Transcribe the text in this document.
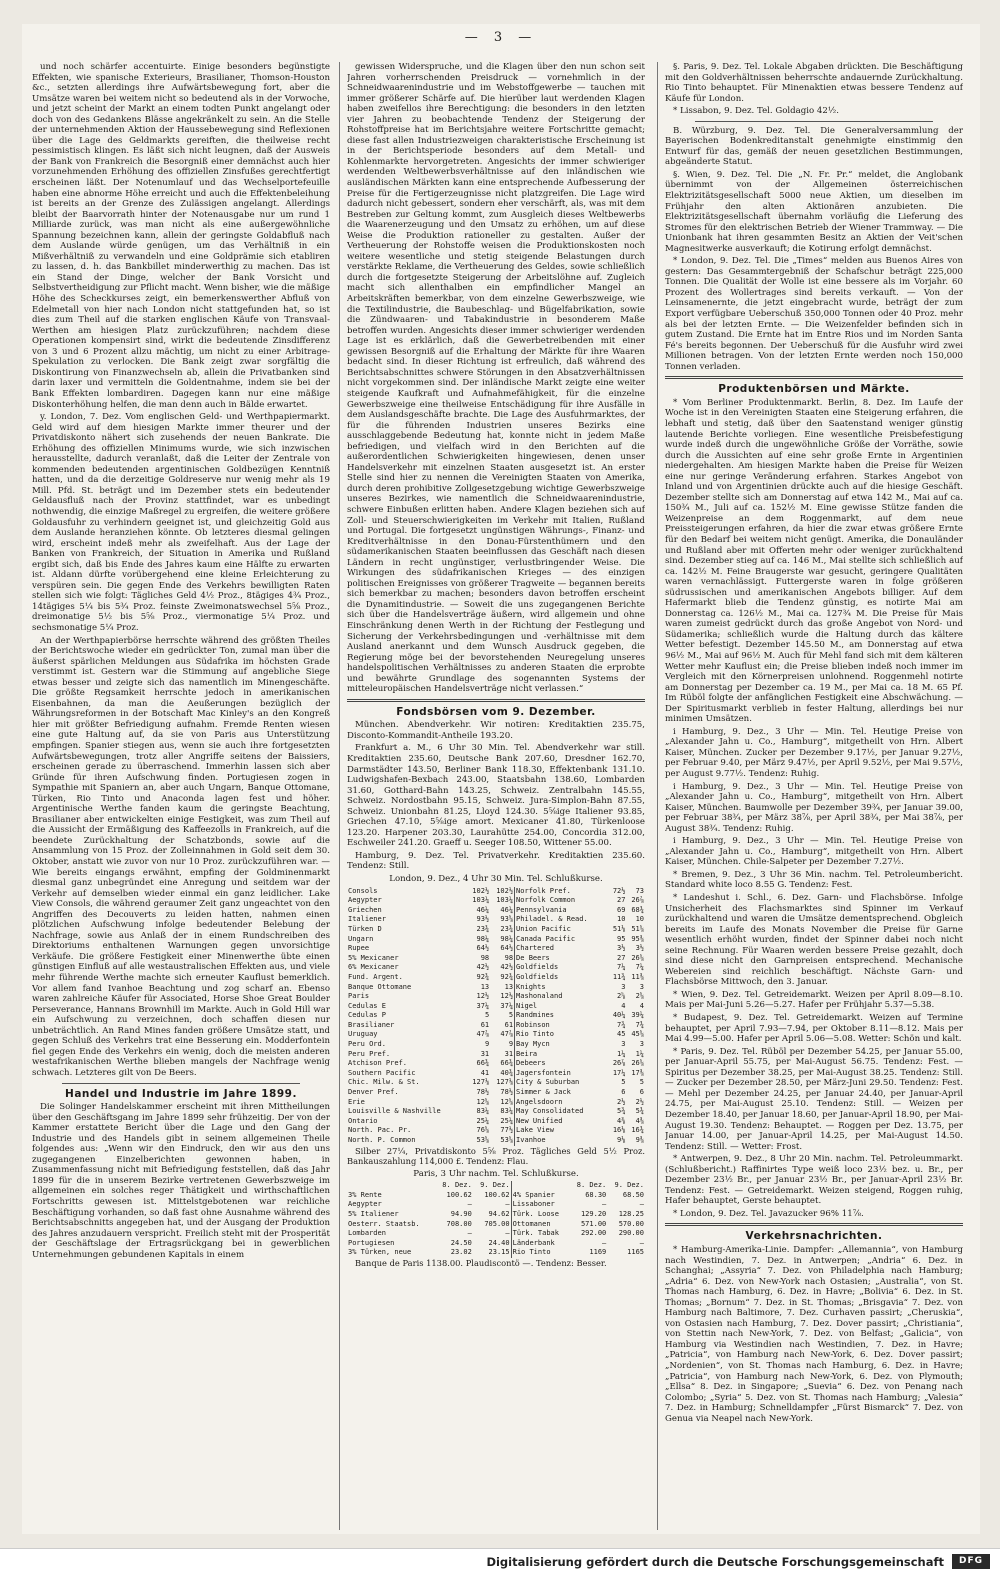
— 3 —

und noch schärfer accentuirte. Einige besonders begünstigte Effekten, wie spanische Exterieurs, Brasilianer, Thomson-Houston &c., setzten allerdings ihre Aufwärtsbewegung fort, aber die Umsätze waren bei weitem nicht so bedeutend als in der Vorwoche, und jetzt scheint der Markt an einem todten Punkt angelangt oder doch von des Gedankens Blässe angekränkelt zu sein. An die Stelle der unternehmenden Aktion der Haussebewegung sind Reflexionen über die Lage des Geldmarkts gereiften, die theilweise recht pessimistisch klingen. Es läßt sich nicht leugnen, daß der Ausweis der Bank von Frankreich die Besorgniß einer demnächst auch hier vorzunehmenden Erhöhung des offiziellen Zinsfußes gerechtfertigt erscheinen läßt. Der Notenumlauf und das Wechselportefeuille haben eine abnorme Höhe erreicht und auch die Effektenbeleihung ist bereits an der Grenze des Zulässigen angelangt. Allerdings bleibt der Baarvorrath hinter der Notenausgabe nur um rund 1 Milliarde zurück, was man nicht als eine außergewöhnliche Spannung bezeichnen kann, allein der geringste Goldabfluß nach dem Auslande würde genügen, um das Verhältniß in ein Mißverhältniß zu verwandeln und eine Goldprämie sich etabliren zu lassen, d. h. das Bankbillet minderwerthig zu machen. Das ist ein Stand der Dinge, welcher der Bank Vorsicht und Selbstvertheidigung zur Pflicht macht. Wenn bisher, wie die mäßige Höhe des Scheckkurses zeigt, ein bemerkenswerther Abfluß von Edelmetall von hier nach London nicht stattgefunden hat, so ist dies zum Theil auf die starken englischen Käufe von Transvaal-Werthen am hiesigen Platz zurückzuführen; nachdem diese Operationen kompensirt sind, wirkt die bedeutende Zinsdifferenz von 3 und 6 Prozent allzu mächtig, um nicht zu einer Arbitrage-Spekulation zu verlocken. Die Bank zeigt zwar sorgfältig die Diskontirung von Finanzwechseln ab, allein die Privatbanken sind darin laxer und vermitteln die Goldentnahme, indem sie bei der Bank Effekten lombardiren. Dagegen kann nur eine mäßige Diskonterhöhung helfen, die man denn auch in Bälde erwartet.

y. London, 7. Dez. Vom englischen Geld- und Werthpapiermarkt. Geld wird auf dem hiesigen Markte immer theurer und der Privatdiskonto nähert sich zusehends der neuen Bankrate. Die Erhöhung des offiziellen Minimums wurde, wie sich inzwischen herausstellte, dadurch veranlaßt, daß die Leiter der Zentrale von kommenden bedeutenden argentinischen Goldbezügen Kenntniß hatten, und da die derzeitige Goldreserve nur wenig mehr als 19 Mill. Pfd. St. beträgt und im Dezember stets ein bedeutender Geldausfluß nach der Provinz stattfindet, war es unbedingt nothwendig, die einzige Maßregel zu ergreifen, die weitere größere Goldausfuhr zu verhindern geeignet ist, und gleichzeitig Gold aus dem Auslande heranziehen könnte. Ob letzteres diesmal gelingen wird, erscheint indeß mehr als zweifelhaft. Aus der Lage der Banken von Frankreich, der Situation in Amerika und Rußland ergibt sich, daß bis Ende des Jahres kaum eine Hälfte zu erwarten ist. Aldann dürfte vorübergehend eine kleine Erleichterung zu verspüren sein. Die gegen Ende des Verkehrs bewilligten Raten stellen sich wie folgt: Tägliches Geld 4½ Proz., 8tägiges 4¾ Proz., 14tägiges 5¼ bis 5¾ Proz. feinste Zweimonatswechsel 5⅝ Proz., dreimonatige 5½ bis 5⅝ Proz., viermonatige 5¼ Proz. und sechsmonatige 5¼ Proz.

An der Werthpapierbörse herrschte während des größten Theiles der Berichtswoche wieder ein gedrückter Ton, zumal man über die äußerst spärlichen Meldungen aus Südafrika im höchsten Grade verstimmt ist. Gestern war die Stimmung auf angebliche Siege etwas besser und zeigte sich das namentlich im Minengeschäfte. Die größte Regsamkeit herrschte jedoch in amerikanischen Eisenbahnen, da man die Aeußerungen bezüglich der Währungsreformen in der Botschaft Mac Kinley's an den Kongreß hier mit größter Befriedigung aufnahm. Fremde Renten wiesen eine gute Haltung auf, da sie von Paris aus Unterstützung empfingen. Spanier stiegen aus, wenn sie auch ihre fortgesetzten Aufwärtsbewegungen, trotz aller Angriffe seitens der Baissiers, erscheinen gerade zu überraschend. Immerhin lassen sich aber Gründe für ihren Aufschwung finden. Portugiesen zogen in Sympathie mit Spaniern an, aber auch Ungarn, Banque Ottomane, Türken, Rio Tinto und Anaconda lagen fest und höher. Argentinische Werthe fanden kaum die geringste Beachtung, Brasilianer aber entwickelten einige Festigkeit, was zum Theil auf die Aussicht der Ermäßigung des Kaffeezolls in Frankreich, auf die beendete Zurückhaltung der Schatzbonds, sowie auf die Ansammlung von 15 Proz. der Zolleinnahmen in Gold seit dem 30. Oktober, anstatt wie zuvor von nur 10 Proz. zurückzuführen war. — Wie bereits eingangs erwähnt, empfing der Goldminenmarkt diesmal ganz unbegründet eine Anregung und seitdem war der Verkehr auf demselben wieder einmal ein ganz leidlicher. Lake View Consols, die während geraumer Zeit ganz ungeachtet von den Angriffen des Decouverts zu leiden hatten, nahmen einen plötzlichen Aufschwung infolge bedeutender Belebung der Nachfrage, sowie aus Anlaß der in einem Rundschreiben des Direktoriums enthaltenen Warnungen gegen unvorsichtige Verkäufe. Die größere Festigkeit einer Minenwerthe übte einen günstigen Einfluß auf alle westaustralischen Effekten aus, und viele mehr führende Werthe machte sich erneuter Kauflust bemerklich. Vor allem fand Ivanhoe Beachtung und zog scharf an. Ebenso waren zahlreiche Käufer für Associated, Horse Shoe Great Boulder Perseverance, Hannans Brownhill im Markte. Auch in Gold Hill war ein Aufschwung zu verzeichnen, doch schaffen diesen nur unbeträchtlich. An Rand Mines fanden größere Umsätze statt, und gegen Schluß des Verkehrs trat eine Besserung ein. Modderfontein fiel gegen Ende des Verkehrs ein wenig, doch die meisten anderen westafrikanischen Werthe blieben mangels der Nachfrage wenig schwach. Letzteres gilt von De Beers.

Handel und Industrie im Jahre 1899.

Die Solinger Handelskammer erscheint mit ihren Mittheilungen über den Geschäftsgang im Jahre 1899 sehr frühzeitig. Der von der Kammer erstattete Bericht über die Lage und den Gang der Industrie und des Handels gibt in seinem allgemeinen Theile folgendes aus: „Wenn wir den Eindruck, den wir aus den uns zugegangenen Einzelberichten gewonnen haben, in Zusammenfassung nicht mit Befriedigung feststellen, daß das Jahr 1899 für die in unserem Bezirke vertretenen Gewerbszweige im allgemeinen ein solches reger Thätigkeit und wirthschaftlichen Fortschritts gewesen ist. Mittelstgebotenen war reichliche Beschäftigung vorhanden, so daß fast ohne Ausnahme während des Berichtsabschnitts angegeben hat, und der Ausgang der Produktion des Jahres anzudauern verspricht. Freilich steht mit der Prosperität der Geschäftslage der Ertragsrückgang bei in gewerblichen Unternehmungen gebundenen Kapitals in einem

gewissen Widerspruche, und die Klagen über den nun schon seit Jahren vorherrschenden Preisdruck — vornehmlich in der Schneidwaarenindustrie und im Webstoffgewerbe — tauchen mit immer größerer Schärfe auf. Die hierüber laut werdenden Klagen haben zweifellos ihre Berechtigung: die besonders in den letzten vier Jahren zu beobachtende Tendenz der Steigerung der Rohstoffpreise hat im Berichtsjahre weitere Fortschritte gemacht; diese fast allen Industriezweigen charakteristische Erscheinung ist in der Berichtsperiode besonders auf dem Metall- und Kohlenmarkte hervorgetreten. Angesichts der immer schwieriger werdenden Weltbewerbsverhältnisse auf den inländischen wie ausländischen Märkten kann eine entsprechende Aufbesserung der Preise für die Fertigerzeugnisse nicht platzgreifen. Die Lage wird dadurch nicht gebessert, sondern eher verschärft, als, was mit dem Bestreben zur Geltung kommt, zum Ausgleich dieses Weltbewerbs die Waarenerzeugung und den Umsatz zu erhöhen, um auf diese Weise die Produktion rationeller zu gestalten. Außer der Vertheuerung der Rohstoffe weisen die Produktionskosten noch weitere wesentliche und stetig steigende Belastungen durch verstärkte Reklame, die Vertheuerung des Geldes, sowie schließlich durch die fortgesetzte Steigerung der Arbeitslöhne auf. Zugleich macht sich allenthalben ein empfindlicher Mangel an Arbeitskräften bemerkbar, von dem einzelne Gewerbszweige, wie die Textilindustrie, die Baubeschlag- und Bügelfabrikation, sowie die Zündwaaren- und Tabakindustrie in besonderem Maße betroffen wurden. Angesichts dieser immer schwieriger werdenden Lage ist es erklärlich, daß die Gewerbetreibenden mit einer gewissen Besorgniß auf die Erhaltung der Märkte für ihre Waaren bedacht sind. In dieser Richtung ist erfreulich, daß während des Berichtsabschnittes schwere Störungen in den Absatzverhältnissen nicht vorgekommen sind. Der inländische Markt zeigte eine weiter steigende Kaufkraft und Aufnahmefähigkeit, für die einzelne Gewerbszweige eine theilweise Entschädigung für ihre Ausfälle in dem Auslandsgeschäfte brachte. Die Lage des Ausfuhrmarktes, der für die führenden Industrien unseres Bezirks eine ausschlaggebende Bedeutung hat, konnte nicht in jedem Maße befriedigen, und vielfach wird in den Berichten auf die außerordentlichen Schwierigkeiten hingewiesen, denen unser Handelsverkehr mit einzelnen Staaten ausgesetzt ist. An erster Stelle sind hier zu nennen die Vereinigten Staaten von Amerika, durch deren prohibitive Zollgesetzgebung wichtige Gewerbszweige unseres Bezirkes, wie namentlich die Schneidwaarenindustrie, schwere Einbußen erlitten haben. Andere Klagen beziehen sich auf Zoll- und Steuerschwierigkeiten im Verkehr mit Italien, Rußland und Portugal. Die fortgesetzt ungünstigen Währungs-, Finanz- und Kreditverhältnisse in den Donau-Fürstenthümern und den südamerikanischen Staaten beeinflussen das Geschäft nach diesen Ländern in recht ungünstiger, verlustbringender Weise. Die Wirkungen des südafrikanischen Krieges — des einzigen politischen Ereignisses von größerer Tragweite — begannen bereits sich bemerkbar zu machen; besonders davon betroffen erscheint die Dynamitindustrie. — Soweit die uns zugegangenen Berichte sich über die Handelsverträge äußern, wird allgemein und ohne Einschränkung denen Werth in der Richtung der Festlegung und Sicherung der Verkehrsbedingungen und -verhältnisse mit dem Ausland anerkannt und dem Wunsch Ausdruck gegeben, die Regierung möge bei der bevorstehenden Neuregelung unseres handelspolitischen Verhältnisses zu anderen Staaten die erprobte und bewährte Grundlage des sogenannten Systems der mitteleuropäischen Handelsverträge nicht verlassen.“

Fondsbörsen vom 9. Dezember.

München. Abendverkehr. Wir notiren: Kreditaktien 235.75, Disconto-Kommandit-Antheile 193.20.

Frankfurt a. M., 6 Uhr 30 Min. Tel. Abendverkehr war still. Kreditaktien 235.60, Deutsche Bank 207.60, Dresdner 162.70, Darmstädter 143.50, Berliner Bank 118.30, Effektenbank 131.10. Ludwigshafen-Bexbach 243.00, Staatsbahn 138.60, Lombarden 31.60, Gotthard-Bahn 143.25, Schweiz. Zentralbahn 145.55, Schweiz. Nordostbahn 95.15, Schweiz. Jura-Simplon-Bahn 87.55, Schweiz. Unionbahn 81.25, Lloyd 124.30. 5⅝ige Italiener 93.85, Griechen 47.10, 5⅝ige amort. Mexicaner 41.80, Türkenloose 123.20. Harpener 203.30, Laurahütte 254.00, Concordia 312.00, Eschweiler 241.20. Graeff u. Seeger 108.50, Wittener 55.00.

Hamburg, 9. Dez. Tel. Privatverkehr. Kreditaktien 235.60. Tendenz: Still.

London, 9. Dez., 4 Uhr 30 Min. Tel. Schlußkurse.

Consols	102½	102½	Norfolk Pref.	72½	73
Aegypter	103¼	103¼	Norfolk Common	27	26⅞
Griechen	46¼	46¼	Pennsylvania	69	68¾
Italiener	93½	93⅝	Philadel. & Read.	10	10
Türken D	23¾	23¾	Union Pacific	51⅛	51⅝
Ungarn	98¼	98¼	Canada Pacific	95	95⅜
Rupee	64½	64½	Chartered	3½	3½
5% Mexicaner	98	98	De Beers	27	26⅝
6% Mexicaner	42½	42½	Goldfields	7¼	7¼
Fund. Argent.	92¾	92¾	Goldfields	11¾	11⅜
Banque Ottomane	13	13	Knights	3	3
Paris	12½	12½	Mashonaland	2⅝	2⅝
Cedulas E	37¼	37¼	Nigel	4	4
Cedulas P	5	5	Randmines	40¼	39¼
Brasilianer	61	61	Robinson	7¾	7¾
Uruguay	47⅞	47⅞	Rio Tinto	45	45⅝
Peru Ord.	9	9	Bay Mycn	3	3
Peru Pref.	31	31	Beira	1¼	1¼
Atchison Pref.	66¾	66¾	Debeers	26⅞	26⅝
Southern Pacific	41	40¾	Jagersfontein	17¼	17⅜
Chic. Milw. & St.	127⅛	127⅛	City & Suburban	5	5
Denver Pref.	78½	78½	Simmer & Jack	6	6
Erie	12⅝	12⅝	Angelsdoorn	2½	2½
Louisville & Nashville	83¼	83¼	May Consolidated	5¾	5¾
Ontario	25¼	25¼	New Unified	4⅜	4⅜
North. Pac. Pr.	76⅝	77½	Lake View	16⅛	16¾
North. P. Common	53⅝	53⅝	Ivanhoe	9⅛	9⅜

Silber 27¼, Privatdiskonto 5⅝ Proz. Tägliches Geld 5½ Proz. Bankauszahlung 114,000 £. Tendenz: Flau.

Paris, 3 Uhr nachm. Tel. Schlußkurse.

	8. Dez.	9. Dez.		8. Dez.	9. Dez.
3% Rente	100.62	100.62	4% Spanier	68.30	68.50
Aegypter	—	—	Lissaboner	—	—
5% Italiener	94.90	94.62	Türk. Loose	129.20	128.25
Oesterr. Staatsb.	708.00	705.00	Ottomanen	571.00	570.00
Lombarden	—	—	Türk. Tabak	292.00	290.00
Portugiesen	24.50	24.40	Länderbank	—	—
3% Türken, neue	23.02	23.15	Rio Tinto	1169	1165

Banque de Paris 1138.00. Plaudiscontö —. Tendenz: Besser.

§. Paris, 9. Dez. Tel. Lokale Abgaben drückten. Die Beschäftigung mit den Goldverhältnissen beherrschte andauernde Zurückhaltung. Rio Tinto behauptet. Für Minenaktien etwas bessere Tendenz auf Käufe für London.

* Lissabon, 9. Dez. Tel. Goldagio 42½.

B. Würzburg, 9. Dez. Tel. Die Generalversammlung der Bayerischen Bodenkreditanstalt genehmigte einstimmig den Entwurf für das, gemäß der neuen gesetzlichen Bestimmungen, abgeänderte Statut.

§. Wien, 9. Dez. Tel. Die „N. Fr. Pr.“ meldet, die Anglobank übernimmt von der Allgemeinen österreichischen Elektrizitätsgesellschaft 5000 neue Aktien, um dieselben im Frühjahr den alten Aktionären anzubieten. Die Elektrizitätsgesellschaft übernahm vorläufig die Lieferung des Stromes für den elektrischen Betrieb der Wiener Trammway. — Die Unionbank hat ihren gesammten Besitz an Aktien der Veit'schen Magnesitwerke ausverkauft; die Kotirung erfolgt demnächst.

* London, 9. Dez. Tel. Die „Times“ melden aus Buenos Aires von gestern: Das Gesammtergebniß der Schafschur beträgt 225,000 Tonnen. Die Qualität der Wolle ist eine bessere als im Vorjahr. 60 Prozent des Wollertrages sind bereits verkauft. — Von der Leinsamenernte, die jetzt eingebracht wurde, beträgt der zum Export verfügbare Ueberschuß 350,000 Tonnen oder 40 Proz. mehr als bei der letzten Ernte. — Die Weizenfelder befinden sich in gutem Zustand. Die Ernte hat im Entre Rios und im Norden Santa Fé's bereits begonnen. Der Ueberschuß für die Ausfuhr wird zwei Millionen betragen. Von der letzten Ernte werden noch 150,000 Tonnen verladen.

Produktenbörsen und Märkte.

* Vom Berliner Produktenmarkt. Berlin, 8. Dez. Im Laufe der Woche ist in den Vereinigten Staaten eine Steigerung erfahren, die lebhaft und stetig, daß über den Saatenstand weniger günstig lautende Berichte vorliegen. Eine wesentliche Preisbefestigung wurde indeß durch die ungewöhnliche Größe der Vorräthe, sowie durch die Aussichten auf eine sehr große Ernte in Argentinien niedergehalten. Am hiesigen Markte haben die Preise für Weizen eine nur geringe Veränderung erfahren. Starkes Angebot von Inland und von Argentinien drückte auch auf die hiesige Geschäft. Dezember stellte sich am Donnerstag auf etwa 142 M., Mai auf ca. 150¾ M., Juli auf ca. 152½ M. Eine gewisse Stütze fanden die Weizenpreise an dem Roggenmarkt, auf dem neue Preissteigerungen erfahren, da hier die zwar etwas größere Ernte für den Bedarf bei weitem nicht genügt. Amerika, die Donauländer und Rußland aber mit Offerten mehr oder weniger zurückhaltend sind. Dezember stieg auf ca. 146 M., Mai stellte sich schließlich auf ca. 142½ M. Feine Braugerste war gesucht, geringere Qualitäten waren vernachlässigt. Futtergerste waren in folge größeren südrussischen und amerikanischen Angebots billiger. Auf dem Hafermarkt blieb die Tendenz günstig, es notirte Mai am Donnerstag ca. 126½ M., Mai ca. 127¾ M. Die Preise für Mais waren zumeist gedrückt durch das große Angebot von Nord- und Südamerika; schließlich wurde die Haltung durch das kältere Wetter befestigt. Dezember 145.50 M., am Donnerstag auf etwa 96½ M., Mai auf 96½ M. Auch für Mehl fand sich mit dem kälteren Wetter mehr Kauflust ein; die Preise blieben indeß noch immer im Vergleich mit den Körnerpreisen unlohnend. Roggenmehl notirte am Donnerstag per Dezember ca. 19 M., per Mai ca. 18 M. 65 Pf. Im Rüböl folgte der anfänglichen Festigkeit eine Abschwächung. — Der Spiritusmarkt verblieb in fester Haltung, allerdings bei nur minimen Umsätzen.

i Hamburg, 9. Dez., 3 Uhr — Min. Tel. Heutige Preise von „Alexander Jahn u. Co., Hamburg“, mitgetheilt von Hrn. Albert Kaiser, München. Zucker per Dezember 9.17½, per Januar 9.27½, per Februar 9.40, per März 9.47½, per April 9.52½, per Mai 9.57½, per August 9.77½. Tendenz: Ruhig.

i Hamburg, 9. Dez., 3 Uhr — Min. Tel. Heutige Preise von „Alexander Jahn u. Co., Hamburg“, mitgetheilt von Hrn. Albert Kaiser, München. Baumwolle per Dezember 39¾, per Januar 39.00, per Februar 38¾, per März 38⅞, per April 38¾, per Mai 38⅞, per August 38¾. Tendenz: Ruhig.

i Hamburg, 9. Dez., 3 Uhr — Min. Tel. Heutige Preise von „Alexander Jahn u. Co., Hamburg“, mitgetheilt von Hrn. Albert Kaiser, München. Chile-Salpeter per Dezember 7.27½.

* Bremen, 9. Dez., 3 Uhr 36 Min. nachm. Tel. Petroleumbericht. Standard white loco 8.55 G. Tendenz: Fest.

* Landeshut i. Schl., 6. Dez. Garn- und Flachsbörse. Infolge Unsicherheit des Flachsmarktes sind Spinner im Verkauf zurückhaltend und waren die Umsätze dementsprechend. Obgleich bereits im Laufe des Monats November die Preise für Garne wesentlich erhöht wurden, findet der Spinner dabei noch nicht seine Rechnung. Für Waaren werden bessere Preise gezahlt, doch sind diese nicht den Garnpreisen entsprechend. Mechanische Webereien sind reichlich beschäftigt. Nächste Garn- und Flachsbörse Mittwoch, den 3. Januar.

* Wien, 9. Dez. Tel. Getreidemarkt. Weizen per April 8.09—8.10. Mais per Mai-Juni 5.26—5.27. Hafer per Frühjahr 5.37—5.38.

* Budapest, 9. Dez. Tel. Getreidemarkt. Weizen auf Termine behauptet, per April 7.93—7.94, per Oktober 8.11—8.12. Mais per Mai 4.99—5.00. Hafer per April 5.06—5.08. Wetter: Schön und kalt.

* Paris, 9. Dez. Tel. Rüböl per Dezember 54.25, per Januar 55.00, per Januar-April 55.75, per Mai-August 56.75. Tendenz: Fest. — Spiritus per Dezember 38.25, per Mai-August 38.25. Tendenz: Still. — Zucker per Dezember 28.50, per März-Juni 29.50. Tendenz: Fest. — Mehl per Dezember 24.25, per Januar 24.40, per Januar-April 24.75, per Mai-August 25.10. Tendenz: Still. — Weizen per Dezember 18.40, per Januar 18.60, per Januar-April 18.90, per Mai-August 19.30. Tendenz: Behauptet. — Roggen per Dez. 13.75, per Januar 14.00, per Januar-April 14.25, per Mai-August 14.50. Tendenz: Still. — Wetter: Frost.

* Antwerpen, 9. Dez., 8 Uhr 20 Min. nachm. Tel. Petroleummarkt. (Schlußbericht.) Raffinirtes Type weiß loco 23½ bez. u. Br., per Dezember 23½ Br., per Januar 23½ Br., per Januar-April 23½ Br. Tendenz: Fest. — Getreidemarkt. Weizen steigend, Roggen ruhig, Hafer behauptet, Gerste behauptet.

* London, 9. Dez. Tel. Javazucker 96% 11⅞.

Verkehrsnachrichten.

* Hamburg-Amerika-Linie. Dampfer: „Allemannia“, von Hamburg nach Westindien, 7. Dez. in Antwerpen; „Andria“ 6. Dez. in Schanghai; „Assyria“ 7. Dez. von Philadelphia nach Hamburg; „Adria“ 6. Dez. von New-York nach Ostasien; „Australia“, von St. Thomas nach Hamburg, 6. Dez. in Havre; „Bolivia“ 6. Dez. in St. Thomas; „Bornum“ 7. Dez. in St. Thomas; „Brisgavia“ 7. Dez. von Hamburg nach Baltimore, 7. Dez. Curhaven passirt; „Cheruskia“, von Ostasien nach Hamburg, 7. Dez. Dover passirt; „Christiania“, von Stettin nach New-York, 7. Dez. von Belfast; „Galicia“, von Hamburg via Westindien nach Westindien, 7. Dez. in Havre; „Patricia“, von Hamburg nach New-York, 6. Dez. Dover passirt; „Nordenien“, von St. Thomas nach Hamburg, 6. Dez. in Havre; „Patricia“, von Hamburg nach New-York, 6. Dez. von Plymouth; „Ellsa“ 8. Dez. in Singapore; „Suevia“ 6. Dez. von Penang nach Colombo; „Syria“ 5. Dez. von St. Thomas nach Hamburg; „Valesia“ 7. Dez. in Hamburg; Schnelldampfer „Fürst Bismarck“ 7. Dez. von Genua via Neapel nach New-York.

Digitalisierung gefördert durch die Deutsche Forschungsgemeinschaft	DFG
